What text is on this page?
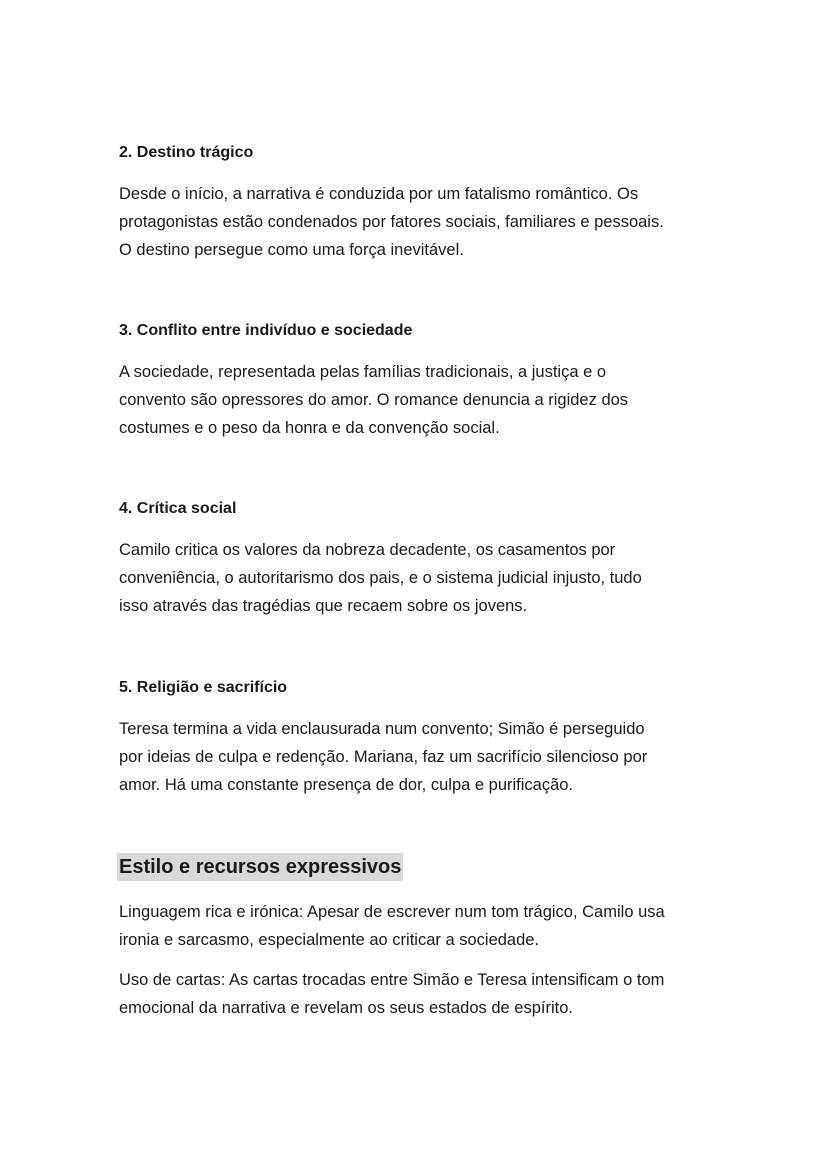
2. Destino trágico

Desde o início, a narrativa é conduzida por um fatalismo romântico. Os
protagonistas estão condenados por fatores sociais, familiares e pessoais.
O destino persegue como uma força inevitável.

3. Conflito entre indivíduo e sociedade

A sociedade, representada pelas famílias tradicionais, a justiça e o
convento são opressores do amor. O romance denuncia a rigidez dos
costumes e o peso da honra e da convenção social.

4. Crítica social

Camilo critica os valores da nobreza decadente, os casamentos por
conveniência, o autoritarismo dos pais, e o sistema judicial injusto, tudo
isso através das tragédias que recaem sobre os jovens.

5. Religião e sacrifício

Teresa termina a vida enclausurada num convento; Simão é perseguido
por ideias de culpa e redenção. Mariana, faz um sacrifício silencioso por
amor. Há uma constante presença de dor, culpa e purificação.

Estilo e recursos expressivos

Linguagem rica e irónica: Apesar de escrever num tom trágico, Camilo usa
ironia e sarcasmo, especialmente ao criticar a sociedade.

Uso de cartas: As cartas trocadas entre Simão e Teresa intensificam o tom
emocional da narrativa e revelam os seus estados de espírito.
